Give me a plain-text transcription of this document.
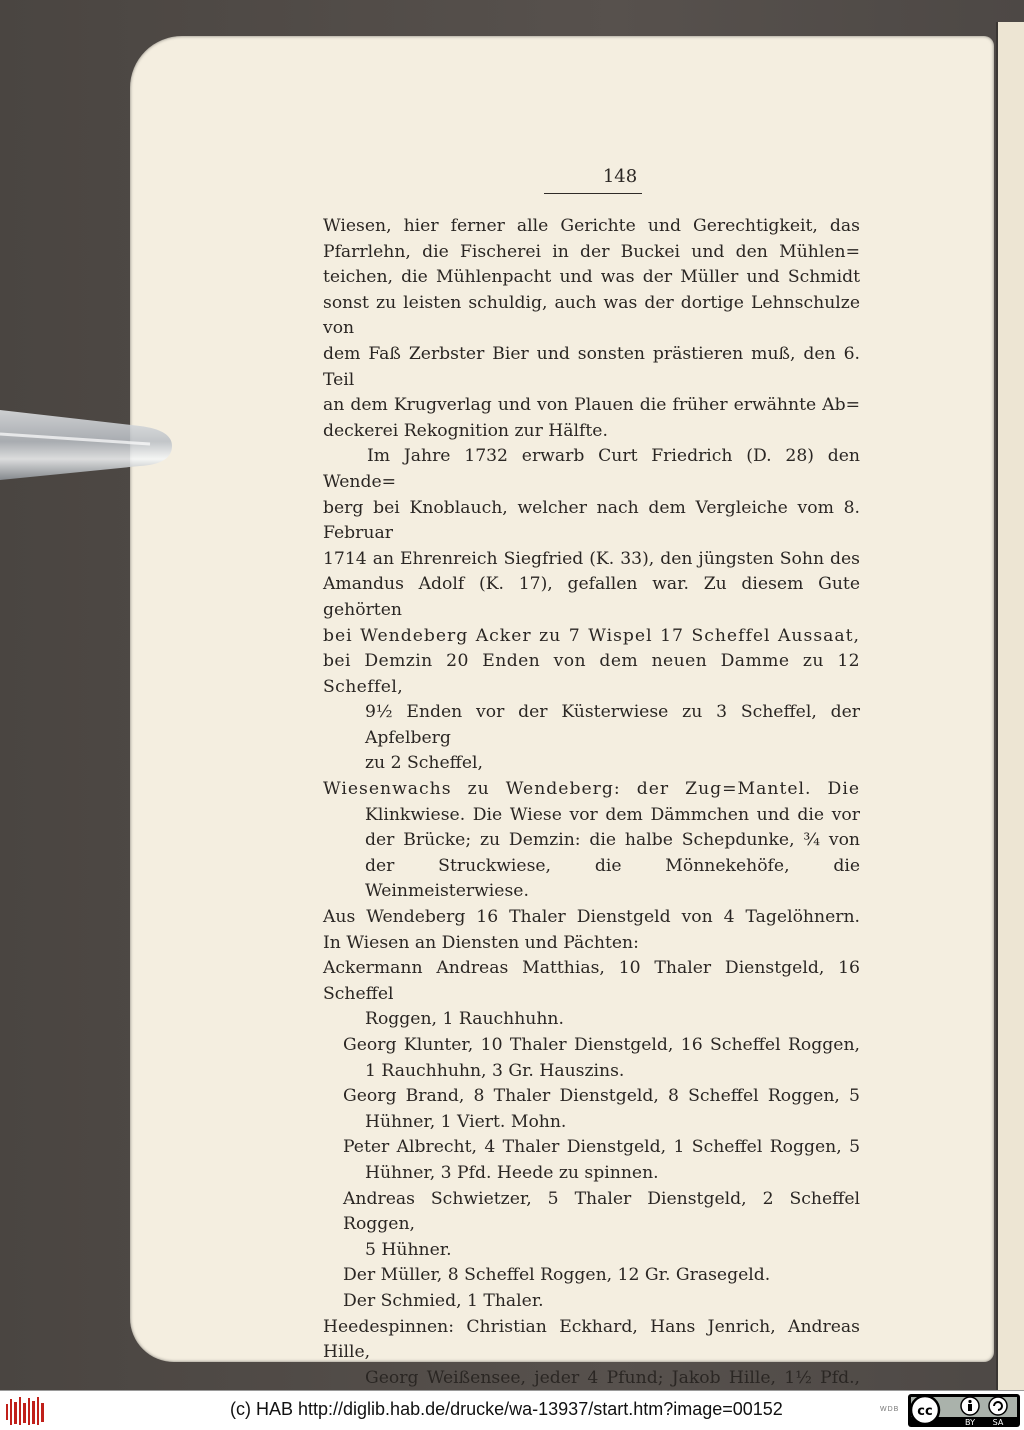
148

Wiesen, hier ferner alle Gerichte und Gerechtigkeit, das

Pfarrlehn, die Fischerei in der Buckei und den Mühlen=

teichen, die Mühlenpacht und was der Müller und Schmidt

sonst zu leisten schuldig, auch was der dortige Lehnschulze von

dem Faß Zerbster Bier und sonsten prästieren muß, den 6. Teil

an dem Krugverlag und von Plauen die früher erwähnte Ab=

deckerei Rekognition zur Hälfte.

Im Jahre 1732 erwarb Curt Friedrich (D. 28) den Wende=

berg bei Knoblauch, welcher nach dem Vergleiche vom 8. Februar

1714 an Ehrenreich Siegfried (K. 33), den jüngsten Sohn des

Amandus Adolf (K. 17), gefallen war. Zu diesem Gute gehörten

bei Wendeberg Acker zu 7 Wispel 17 Scheffel Aussaat,

bei Demzin 20 Enden von dem neuen Damme zu 12 Scheffel,

9½ Enden vor der Küsterwiese zu 3 Scheffel, der Apfelberg

zu 2 Scheffel,

Wiesenwachs zu Wendeberg: der Zug=Mantel. Die

Klinkwiese. Die Wiese vor dem Dämmchen und die vor

der Brücke; zu Demzin: die halbe Schepdunke, ¾ von

der Struckwiese, die Mönnekehöfe, die Weinmeisterwiese.

Aus Wendeberg 16 Thaler Dienstgeld von 4 Tagelöhnern.

In Wiesen an Diensten und Pächten:

Ackermann Andreas Matthias, 10 Thaler Dienstgeld, 16 Scheffel

Roggen, 1 Rauchhuhn.

Georg Klunter, 10 Thaler Dienstgeld, 16 Scheffel Roggen,

1 Rauchhuhn, 3 Gr. Hauszins.

Georg Brand, 8 Thaler Dienstgeld, 8 Scheffel Roggen, 5

Hühner, 1 Viert. Mohn.

Peter Albrecht, 4 Thaler Dienstgeld, 1 Scheffel Roggen, 5

Hühner, 3 Pfd. Heede zu spinnen.

Andreas Schwietzer, 5 Thaler Dienstgeld, 2 Scheffel Roggen,

5 Hühner.

Der Müller, 8 Scheffel Roggen, 12 Gr. Grasegeld.

Der Schmied, 1 Thaler.

Heedespinnen: Christian Eckhard, Hans Jenrich, Andreas Hille,

Georg Weißensee, jeder 4 Pfund; Jakob Hille, 1½ Pfd.,

(c) HAB http://diglib.hab.de/drucke/wa-13937/start.htm?image=00152	WDB cc
BY SA
